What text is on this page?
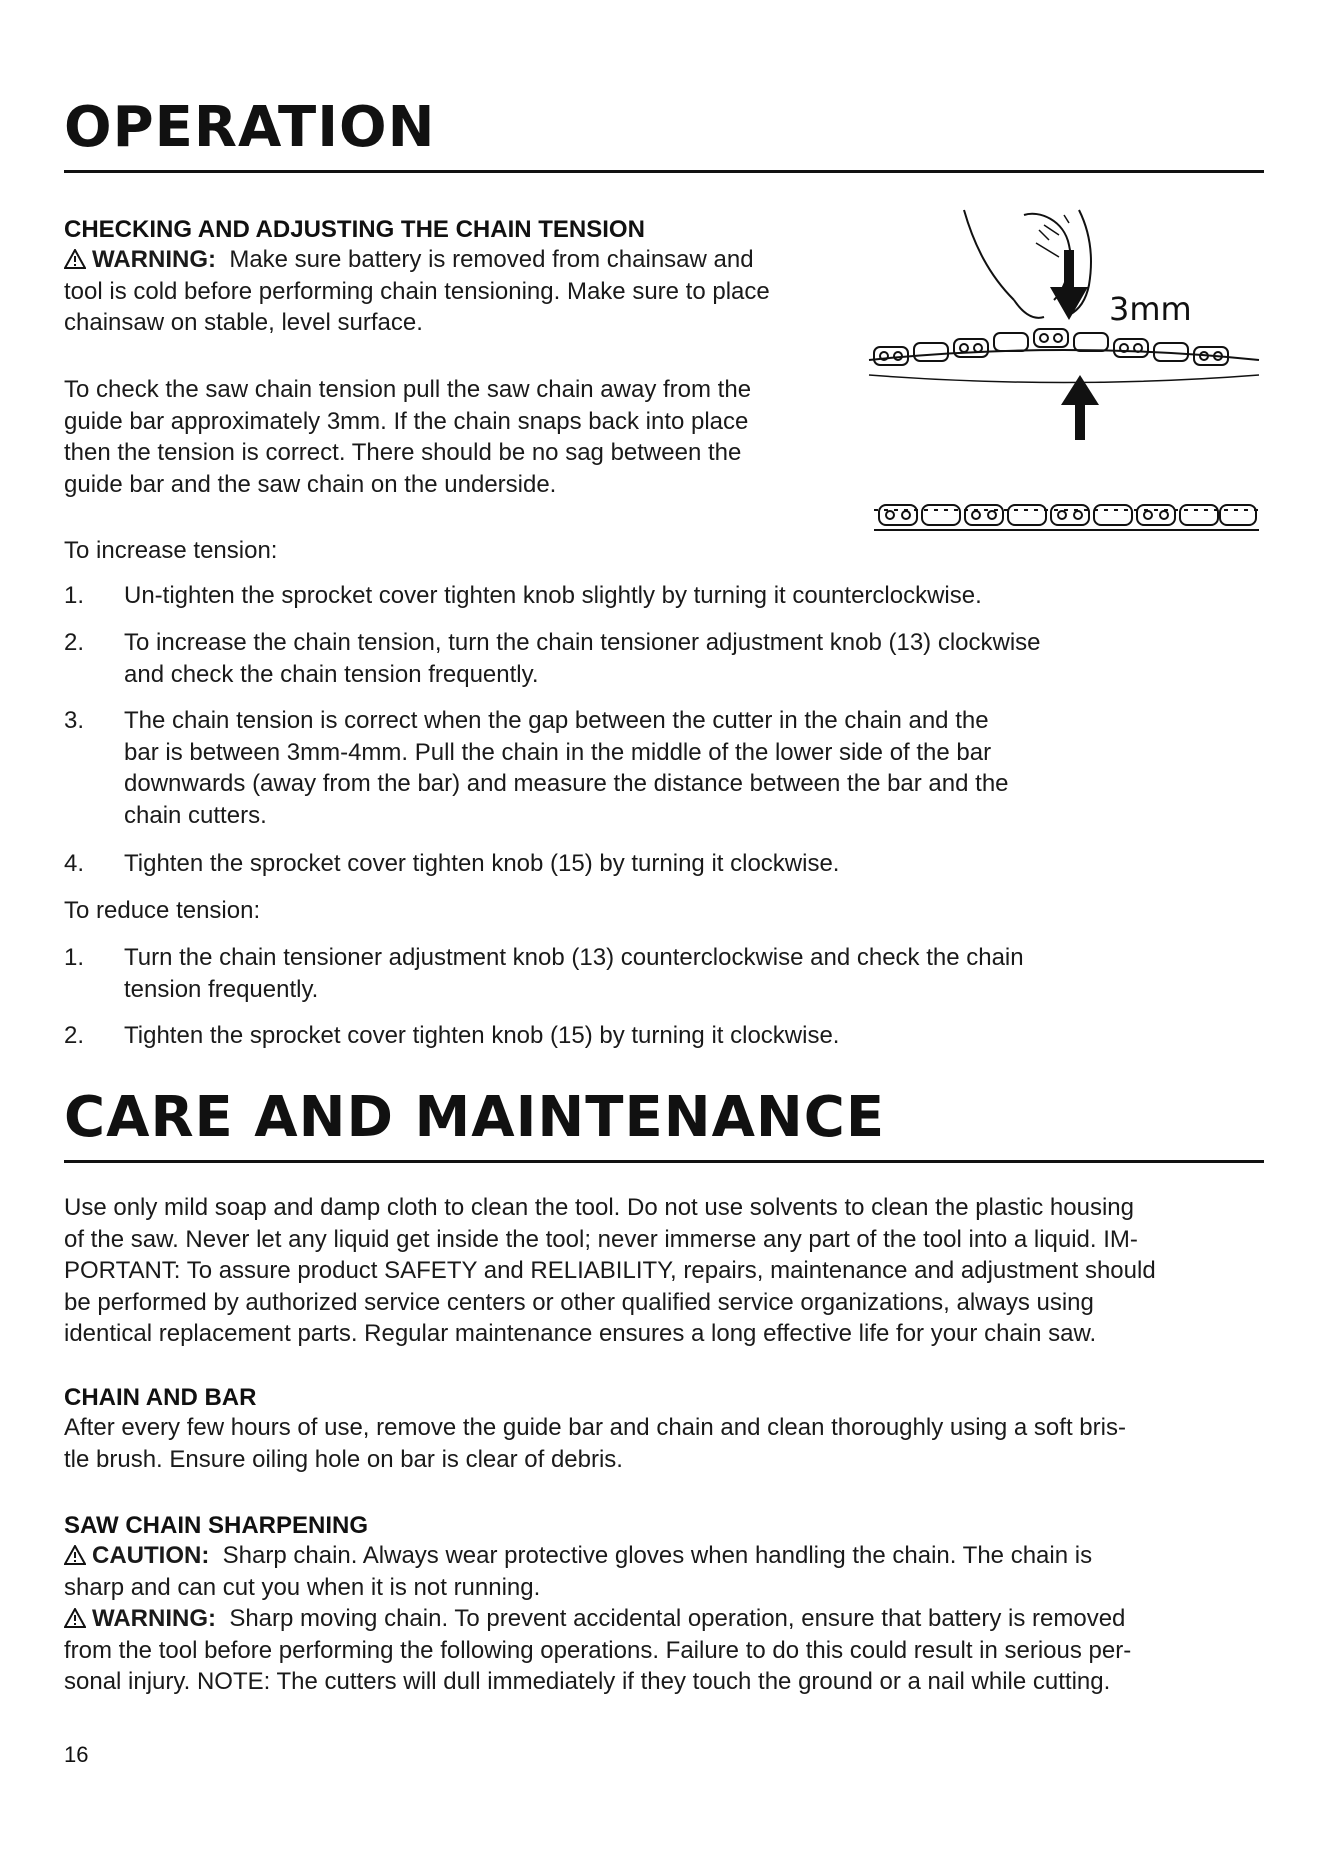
OPERATION
CHECKING AND ADJUSTING THE CHAIN TENSION

WARNING: Make sure battery is removed from chainsaw and
tool is cold before performing chain tensioning. Make sure to place
chainsaw on stable, level surface.

To check the saw chain tension pull the saw chain away from the
guide bar approximately 3mm. If the chain snaps back into place
then the tension is correct. There should be no sag between the
guide bar and the saw chain on the underside.

To increase tension:
1.	Un-tighten the sprocket cover tighten knob slightly by turning it counterclockwise.
2.	To increase the chain tension, turn the chain tensioner adjustment knob (13) clockwise
and check the chain tension frequently.
3.	The chain tension is correct when the gap between the cutter in the chain and the
bar is between 3mm-4mm. Pull the chain in the middle of the lower side of the bar
downwards (away from the bar) and measure the distance between the bar and the
chain cutters.
4.	Tighten the sprocket cover tighten knob (15) by turning it clockwise.
To reduce tension:
1.	Turn the chain tensioner adjustment knob (13) counterclockwise and check the chain
tension frequently.
2.	Tighten the sprocket cover tighten knob (15) by turning it clockwise.
CARE AND MAINTENANCE

Use only mild soap and damp cloth to clean the tool. Do not use solvents to clean the plastic housing
of the saw. Never let any liquid get inside the tool; never immerse any part of the tool into a liquid. IM-
PORTANT: To assure product SAFETY and RELIABILITY, repairs, maintenance and adjustment should
be performed by authorized service centers or other qualified service organizations, always using
identical replacement parts. Regular maintenance ensures a long effective life for your chain saw.

CHAIN AND BAR

After every few hours of use, remove the guide bar and chain and clean thoroughly using a soft bris-
tle brush. Ensure oiling hole on bar is clear of debris.

SAW CHAIN SHARPENING

CAUTION: Sharp chain. Always wear protective gloves when handling the chain. The chain is
sharp and can cut you when it is not running.

WARNING: Sharp moving chain. To prevent accidental operation, ensure that battery is removed
from the tool before performing the following operations. Failure to do this could result in serious per-
sonal injury. NOTE: The cutters will dull immediately if they touch the ground or a nail while cutting.

3mm
16
